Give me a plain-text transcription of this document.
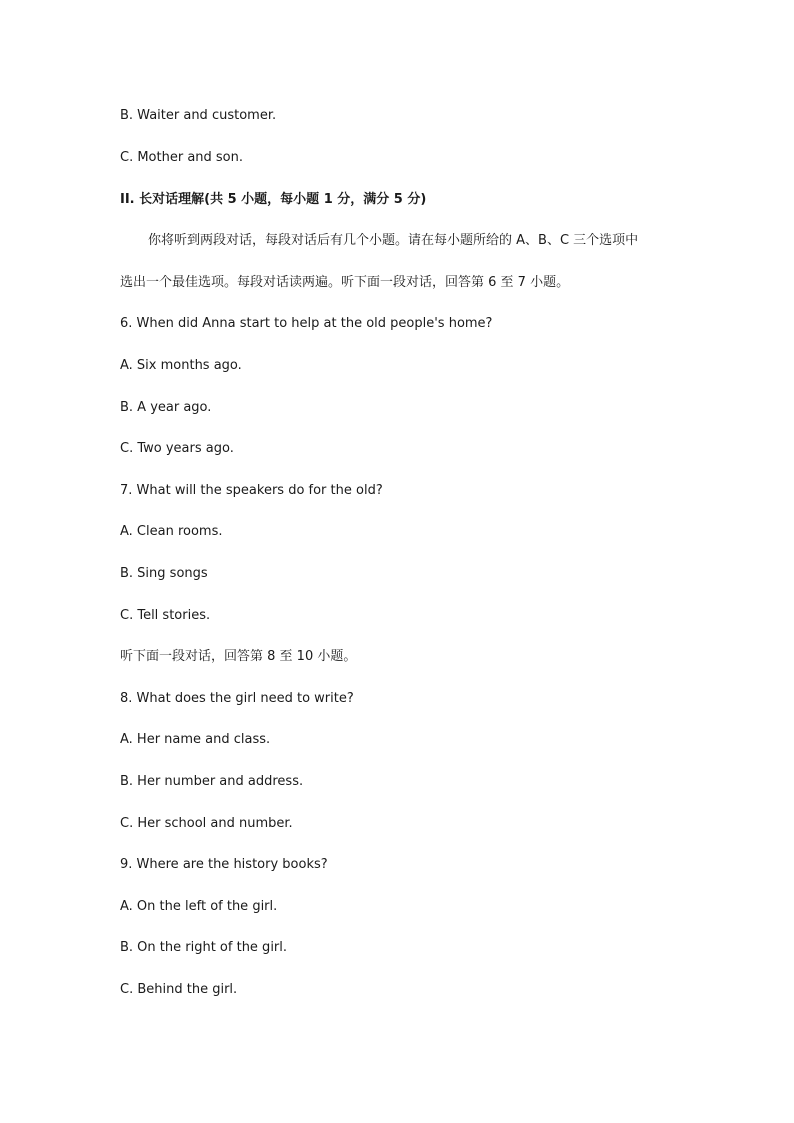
B. Waiter and customer.
C. Mother and son.
II. 长对话理解(共 5 小题，每小题 1 分，满分 5 分)
你将听到两段对话，每段对话后有几个小题。请在每小题所给的 A、B、C 三个选项中
选出一个最佳选项。每段对话读两遍。听下面一段对话，回答第 6 至 7 小题。
6. When did Anna start to help at the old people's home?
A. Six months ago.
B. A year ago.
C. Two years ago.
7. What will the speakers do for the old?
A. Clean rooms.
B. Sing songs
C. Tell stories.
听下面一段对话，回答第 8 至 10 小题。
8. What does the girl need to write?
A. Her name and class.
B. Her number and address.
C. Her school and number.
9. Where are the history books?
A. On the left of the girl.
B. On the right of the girl.
C. Behind the girl.
